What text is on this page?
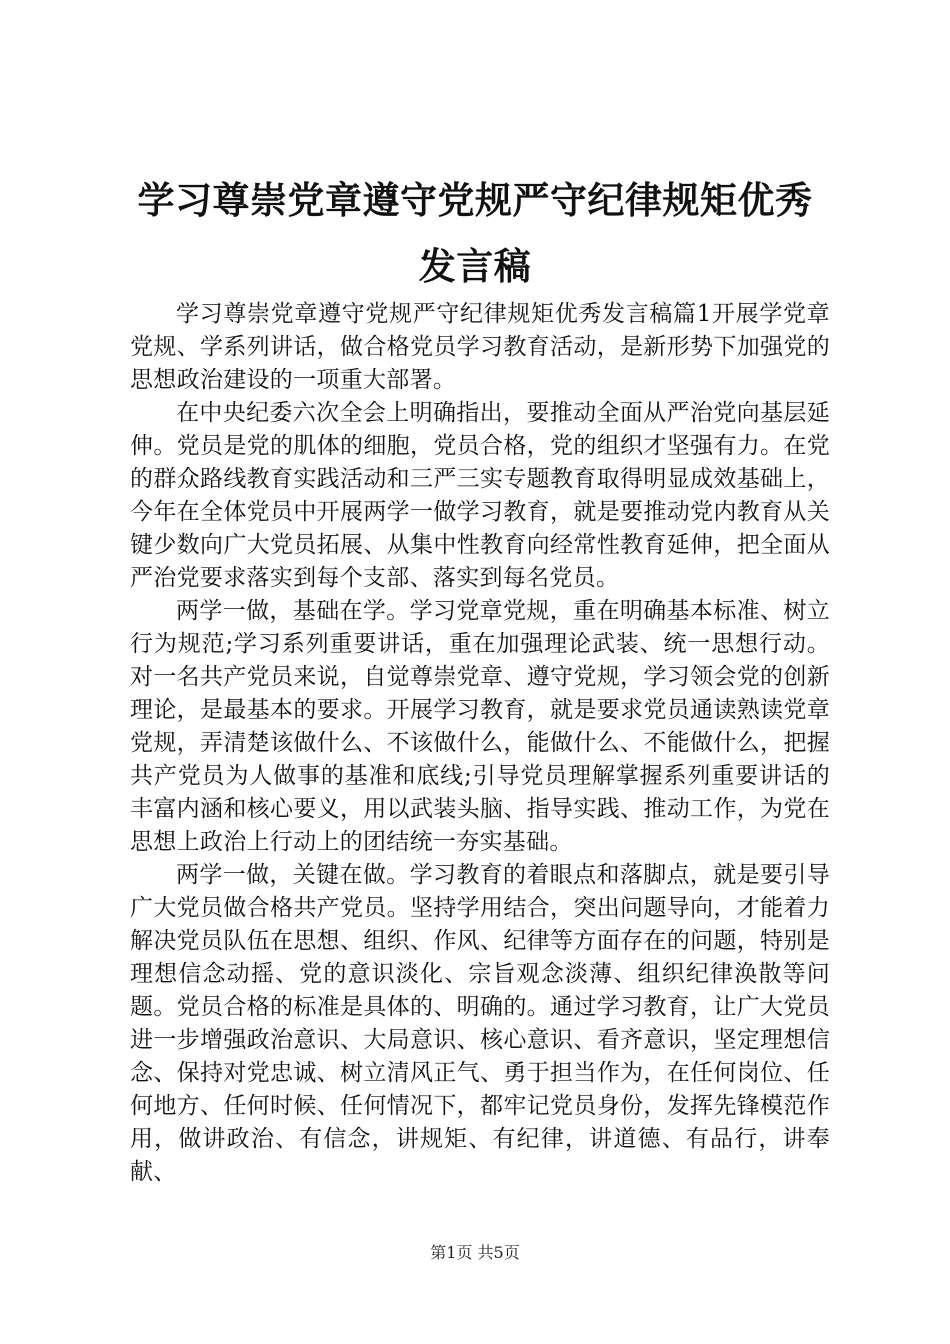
学习尊崇党章遵守党规严守纪律规矩优秀发言稿

学习尊崇党章遵守党规严守纪律规矩优秀发言稿篇1开展学党章党规、学系列讲话，做合格党员学习教育活动，是新形势下加强党的思想政治建设的一项重大部署。

在中央纪委六次全会上明确指出，要推动全面从严治党向基层延伸。党员是党的肌体的细胞，党员合格，党的组织才坚强有力。在党的群众路线教育实践活动和三严三实专题教育取得明显成效基础上，今年在全体党员中开展两学一做学习教育，就是要推动党内教育从关键少数向广大党员拓展、从集中性教育向经常性教育延伸，把全面从严治党要求落实到每个支部、落实到每名党员。

两学一做，基础在学。学习党章党规，重在明确基本标准、树立行为规范;学习系列重要讲话，重在加强理论武装、统一思想行动。对一名共产党员来说，自觉尊崇党章、遵守党规，学习领会党的创新理论，是最基本的要求。开展学习教育，就是要求党员通读熟读党章党规，弄清楚该做什么、不该做什么，能做什么、不能做什么，把握共产党员为人做事的基准和底线;引导党员理解掌握系列重要讲话的丰富内涵和核心要义，用以武装头脑、指导实践、推动工作，为党在思想上政治上行动上的团结统一夯实基础。

两学一做，关键在做。学习教育的着眼点和落脚点，就是要引导广大党员做合格共产党员。坚持学用结合，突出问题导向，才能着力解决党员队伍在思想、组织、作风、纪律等方面存在的问题，特别是理想信念动摇、党的意识淡化、宗旨观念淡薄、组织纪律涣散等问题。党员合格的标准是具体的、明确的。通过学习教育，让广大党员进一步增强政治意识、大局意识、核心意识、看齐意识，坚定理想信念、保持对党忠诚、树立清风正气、勇于担当作为，在任何岗位、任何地方、任何时候、任何情况下，都牢记党员身份，发挥先锋模范作用，做讲政治、有信念，讲规矩、有纪律，讲道德、有品行，讲奉献、

第1页 共5页
